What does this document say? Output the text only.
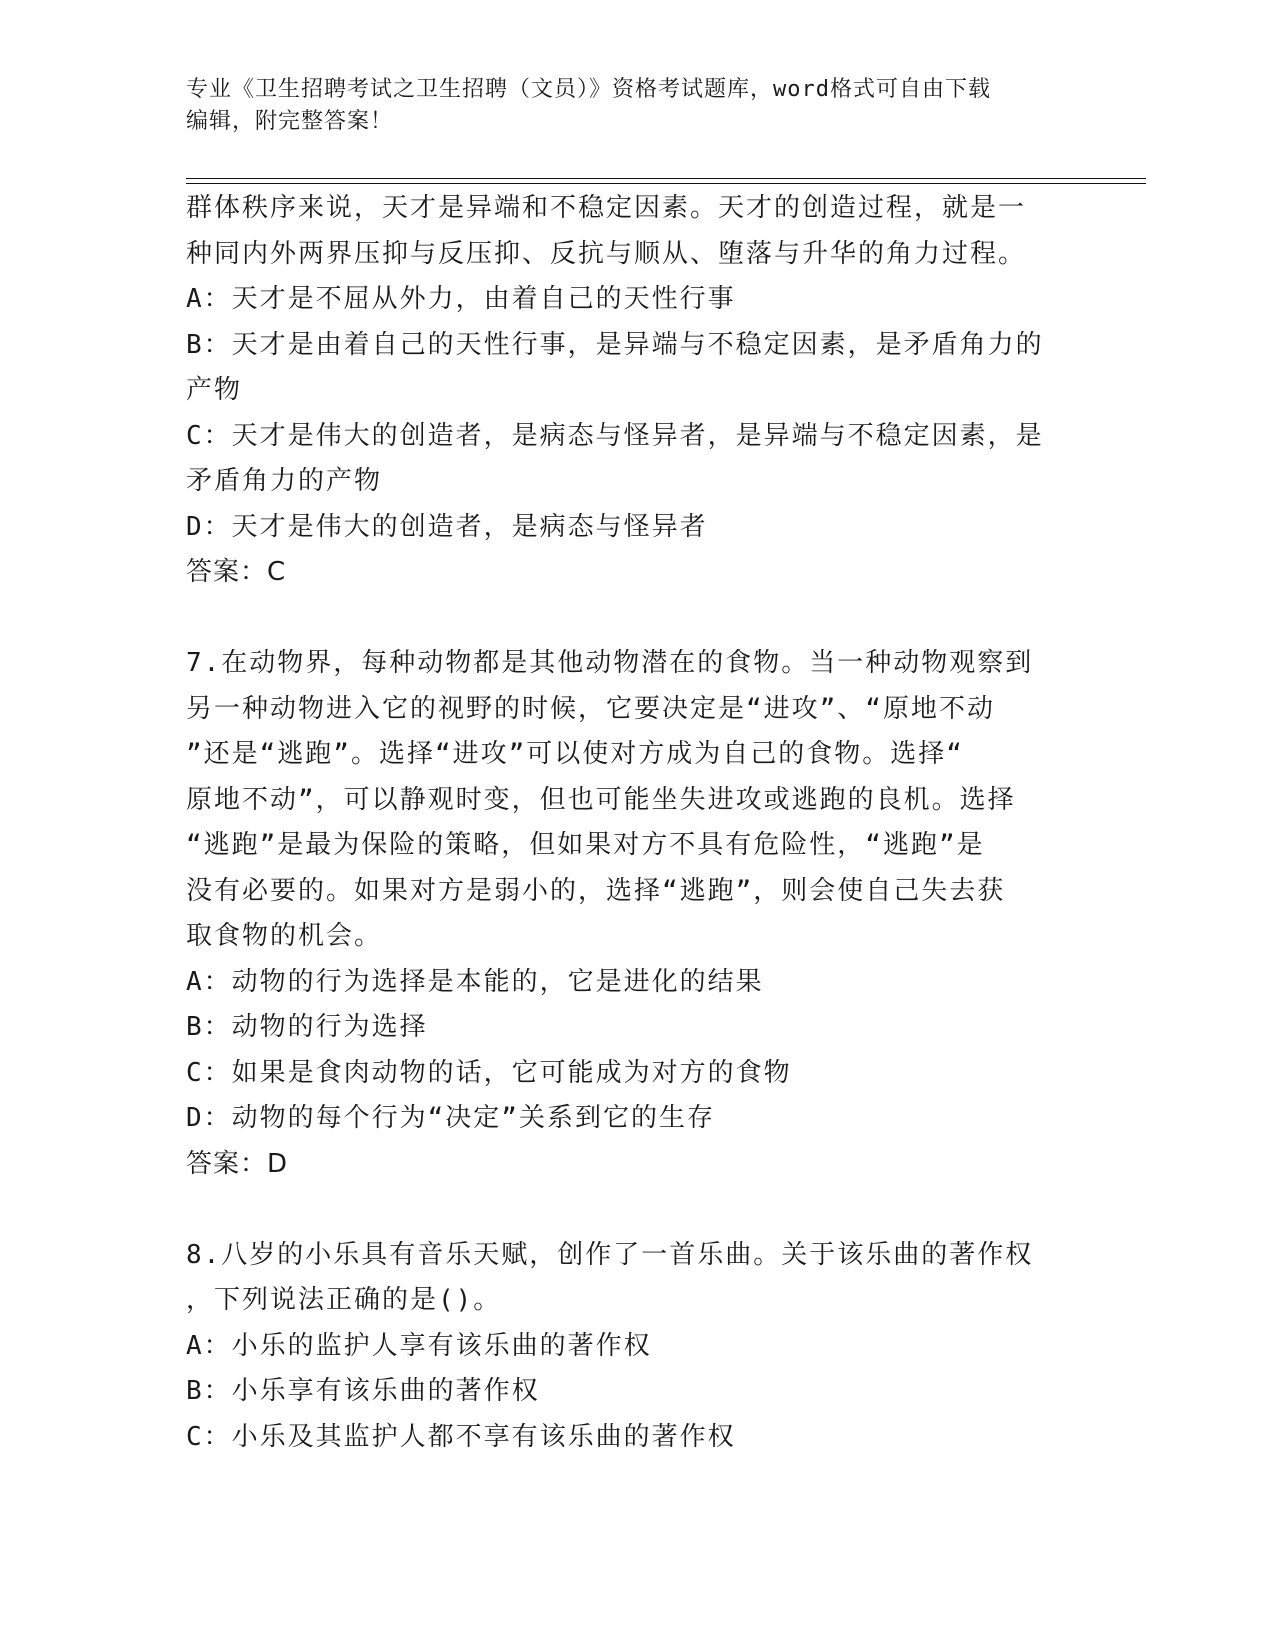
专业《卫生招聘考试之卫生招聘（文员）》资格考试题库，word格式可自由下载
编辑，附完整答案！
群体秩序来说，天才是异端和不稳定因素。天才的创造过程，就是一
种同内外两界压抑与反压抑、反抗与顺从、堕落与升华的角力过程。
A：天才是不屈从外力，由着自己的天性行事
B：天才是由着自己的天性行事，是异端与不稳定因素，是矛盾角力的
产物
C：天才是伟大的创造者，是病态与怪异者，是异端与不稳定因素，是
矛盾角力的产物
D：天才是伟大的创造者，是病态与怪异者
答案：C
7.在动物界，每种动物都是其他动物潜在的食物。当一种动物观察到
另一种动物进入它的视野的时候，它要决定是“进攻”、“原地不动
”还是“逃跑”。选择“进攻”可以使对方成为自己的食物。选择“
原地不动”，可以静观时变，但也可能坐失进攻或逃跑的良机。选择
“逃跑”是最为保险的策略，但如果对方不具有危险性，“逃跑”是
没有必要的。如果对方是弱小的，选择“逃跑”，则会使自己失去获
取食物的机会。
A：动物的行为选择是本能的，它是进化的结果
B：动物的行为选择
C：如果是食肉动物的话，它可能成为对方的食物
D：动物的每个行为“决定”关系到它的生存
答案：D
8.八岁的小乐具有音乐天赋，创作了一首乐曲。关于该乐曲的著作权
，下列说法正确的是()。
A：小乐的监护人享有该乐曲的著作权
B：小乐享有该乐曲的著作权
C：小乐及其监护人都不享有该乐曲的著作权
